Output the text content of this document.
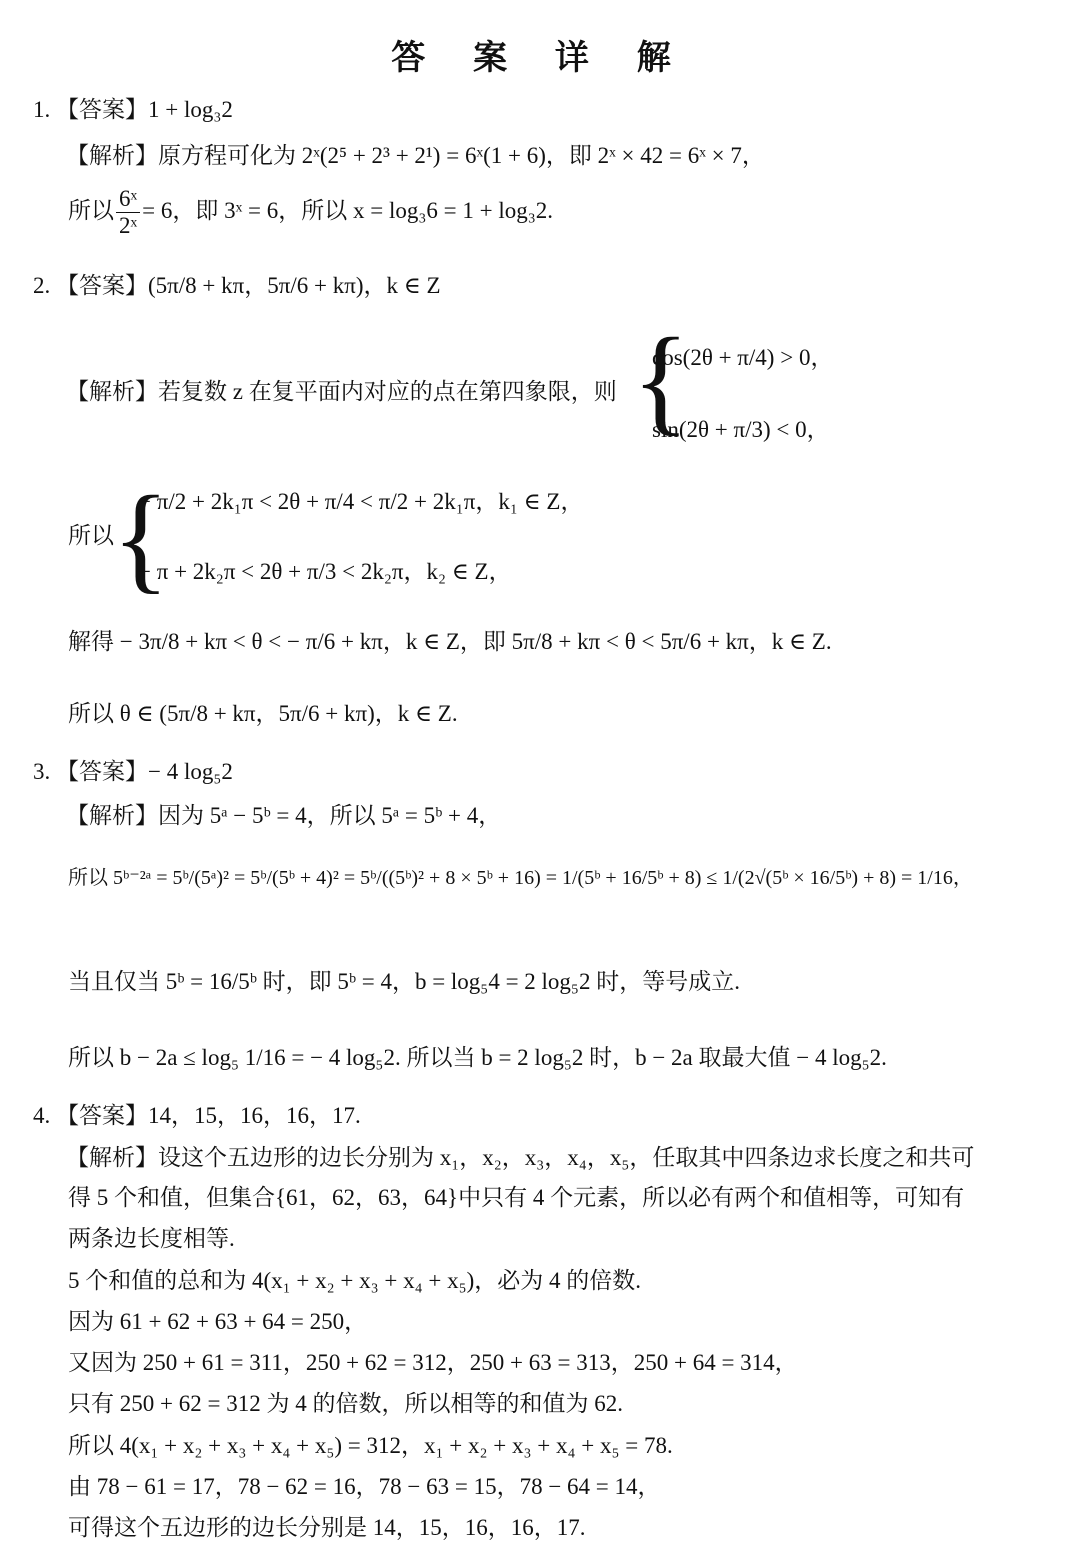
答 案 详 解
1. 【答案】1 + log₃2
【解析】原方程可化为 2ˣ(2⁵ + 2³ + 2¹) = 6ˣ(1 + 6)，即 2ˣ × 42 = 6ˣ × 7，
所以 $\frac{\text{6ˣ}}{\text{2ˣ}} = 6$，即 3ˣ = 6，所以 x = log₃6 = 1 + log₃2.
2. 【答案】(5π/8 + kπ，5π/6 + kπ)，k ∈ Z
【解析】若复数 z 在复平面内对应的点在第四象限，则 {
cos(2θ + π/4) > 0，
sin(2θ + π/3) < 0，
所以
{
− π/2 + 2k₁π < 2θ + π/4 < π/2 + 2k₁π，k₁ ∈ Z，
− π + 2k₂π < 2θ + π/3 < 2k₂π，k₂ ∈ Z，
解得 − 3π/8 + kπ < θ < − π/6 + kπ，k ∈ Z，即 5π/8 + kπ < θ < 5π/6 + kπ，k ∈ Z.
所以 θ ∈ (5π/8 + kπ，5π/6 + kπ)，k ∈ Z.
3. 【答案】− 4 log₅2
【解析】因为 5ᵃ − 5ᵇ = 4，所以 5ᵃ = 5ᵇ + 4，
所以 5ᵇ⁻²ᵃ = 5ᵇ/(5ᵃ)² = 5ᵇ/(5ᵇ + 4)² = 5ᵇ/((5ᵇ)² + 8 × 5ᵇ + 16) = 1/(5ᵇ + 16/5ᵇ + 8) ≤ 1/(2√(5ᵇ × 16/5ᵇ) + 8) = 1/16，
当且仅当 5ᵇ = 16/5ᵇ 时，即 5ᵇ = 4，b = log₅4 = 2 log₅2 时，等号成立.
所以 b − 2a ≤ log₅ 1/16 = − 4 log₅2. 所以当 b = 2 log₅2 时，b − 2a 取最大值 − 4 log₅2.
4. 【答案】14，15，16，16，17.
【解析】设这个五边形的边长分别为 x₁，x₂，x₃，x₄，x₅，任取其中四条边求长度之和共可
得 5 个和值，但集合{61，62，63，64}中只有 4 个元素，所以必有两个和值相等，可知有
两条边长度相等.
5 个和值的总和为 4(x₁ + x₂ + x₃ + x₄ + x₅)，必为 4 的倍数.
因为 61 + 62 + 63 + 64 = 250，
又因为 250 + 61 = 311，250 + 62 = 312，250 + 63 = 313，250 + 64 = 314，
只有 250 + 62 = 312 为 4 的倍数，所以相等的和值为 62.
所以 4(x₁ + x₂ + x₃ + x₄ + x₅) = 312，x₁ + x₂ + x₃ + x₄ + x₅ = 78.
由 78 − 61 = 17，78 − 62 = 16，78 − 63 = 15，78 − 64 = 14，
可得这个五边形的边长分别是 14，15，16，16，17.
